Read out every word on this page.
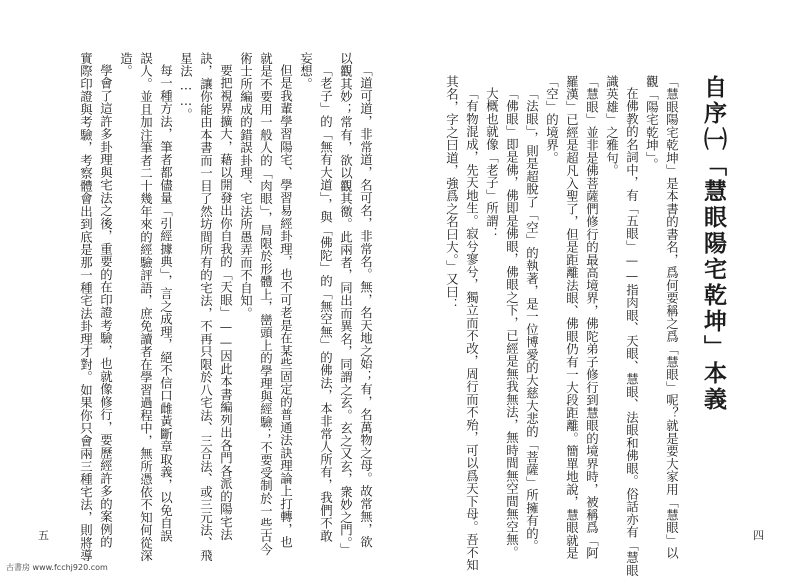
自序㈠「慧眼陽宅乾坤」本義
「慧眼陽宅乾坤」是本書的書名，爲何要稱之爲「慧眼」呢？就是要大家用「慧眼」以
觀「陽宅乾坤」。
在佛教的名詞中，有「五眼」——指肉眼、天眼、慧眼、法眼和佛眼。俗話亦有「慧眼
識英雄」之雅句。
「慧眼」並非是佛菩薩們修行的最高境界，佛陀弟子修行到慧眼的境界時，被稱爲「阿
羅漢」已經是超凡入聖了，但是距離法眼、佛眼仍有一大段距離。簡單地說，慧眼就是
「空」的境界。
「法眼」，則是超脫了「空」的執著，是一位博愛的大慈大悲的「菩薩」所擁有的。
「佛眼」即是佛，佛即是佛眼，佛眼之下，已經是無我無法，無時間無空間無空無。
大概也就像「老子」所謂：
「有物混成，先天地生。寂兮寥兮，獨立而不改，周行而不殆，可以爲天下母。吾不知
其名，字之曰道，強爲之名曰大。」又曰：
四
「道可道，非常道，名可名，非常名。無，名天地之始；有，名萬物之母。故常無，欲
以觀其妙；常有，欲以觀其徼。此兩者，同出而異名，同謂之玄。玄之又玄，衆妙之門。」
「老子」的「無有大道」，與「佛陀」的「無空無」的佛法，本非常人所有，我們不敢
妄想。
但是我輩學習陽宅、學習易經卦理，也不可老是在某些固定的普通法訣理論上打轉，也
就是不要用一般人的「肉眼」，局限於形體上，巒頭上的學理與經驗；不要受制於一些古今
術士所編成的錯誤卦理、宅法所愚弄而不自知。
要把視界擴大，藉以開發出你自我的「天眼」——因此本書編列出各門各派的陽宅法
訣，讓你能由本書而一目了然坊間所有的宅法，不再只限於八宅法、三合法、或三元法、飛
星法……。
每一種方法，筆者都儘量「引經據典」，言之成理，絕不信口雌黃斷章取義，以免自誤
誤人。並且加注筆者二十幾年來的經驗評語，庶免讀者在學習過程中，無所憑依不知何從深
造。
學會了這許多卦理與宅法之後，重要的在印證考驗，也就像修行，要歷經許多的案例的
實際印證與考驗，考察體會出到底是那一種宅法卦理才對。如果你只會兩三種宅法，則將導
五
古書房 www.fcchj920.com
